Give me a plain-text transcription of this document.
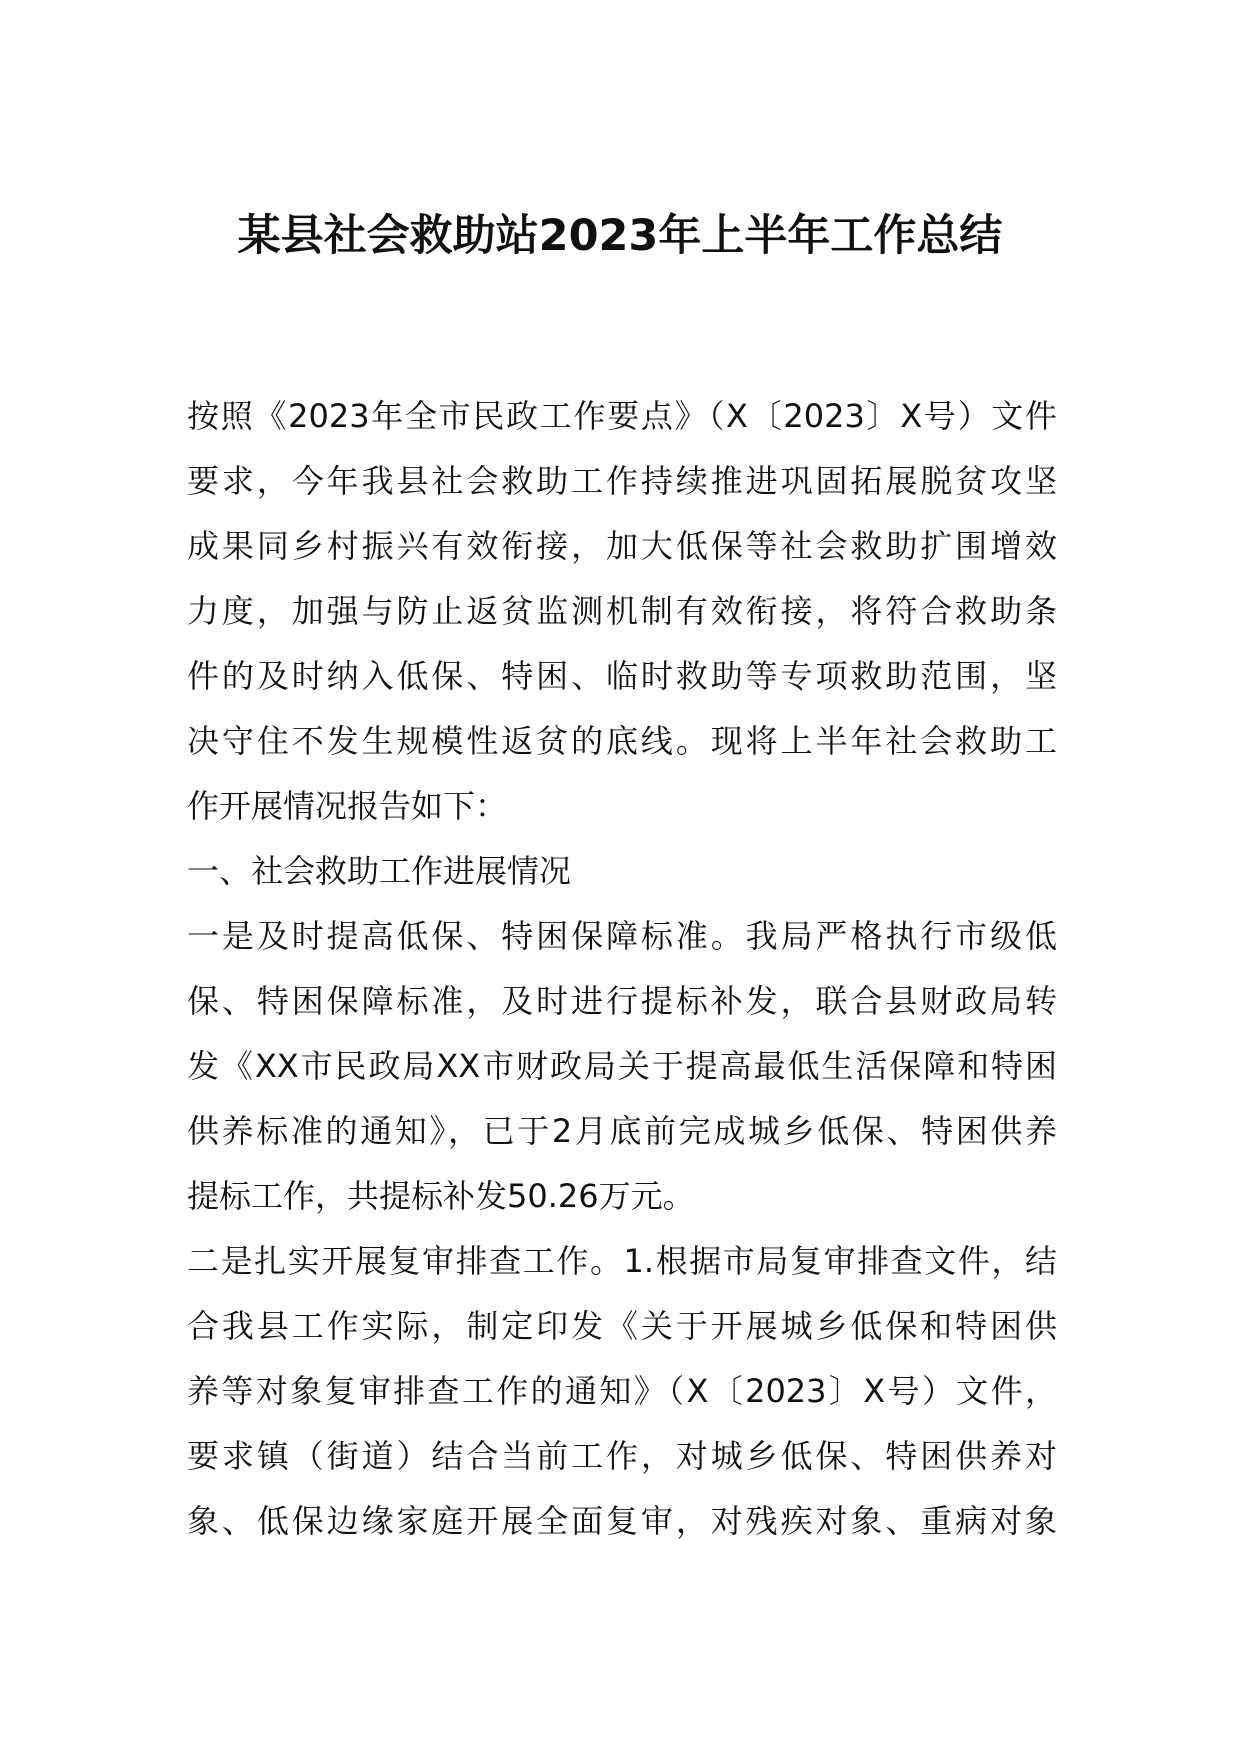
某县社会救助站2023年上半年工作总结
按照《2023年全市民政工作要点》（X〔2023〕X号）文件
要求，今年我县社会救助工作持续推进巩固拓展脱贫攻坚
成果同乡村振兴有效衔接，加大低保等社会救助扩围增效
力度，加强与防止返贫监测机制有效衔接，将符合救助条
件的及时纳入低保、特困、临时救助等专项救助范围，坚
决守住不发生规模性返贫的底线。现将上半年社会救助工
作开展情况报告如下：
一、社会救助工作进展情况
一是及时提高低保、特困保障标准。我局严格执行市级低
保、特困保障标准，及时进行提标补发，联合县财政局转
发《XX市民政局XX市财政局关于提高最低生活保障和特困
供养标准的通知》，已于2月底前完成城乡低保、特困供养
提标工作，共提标补发50.26万元。
二是扎实开展复审排查工作。1.根据市局复审排查文件，结
合我县工作实际，制定印发《关于开展城乡低保和特困供
养等对象复审排查工作的通知》（X〔2023〕X号）文件，
要求镇（街道）结合当前工作，对城乡低保、特困供养对
象、低保边缘家庭开展全面复审，对残疾对象、重病对象
